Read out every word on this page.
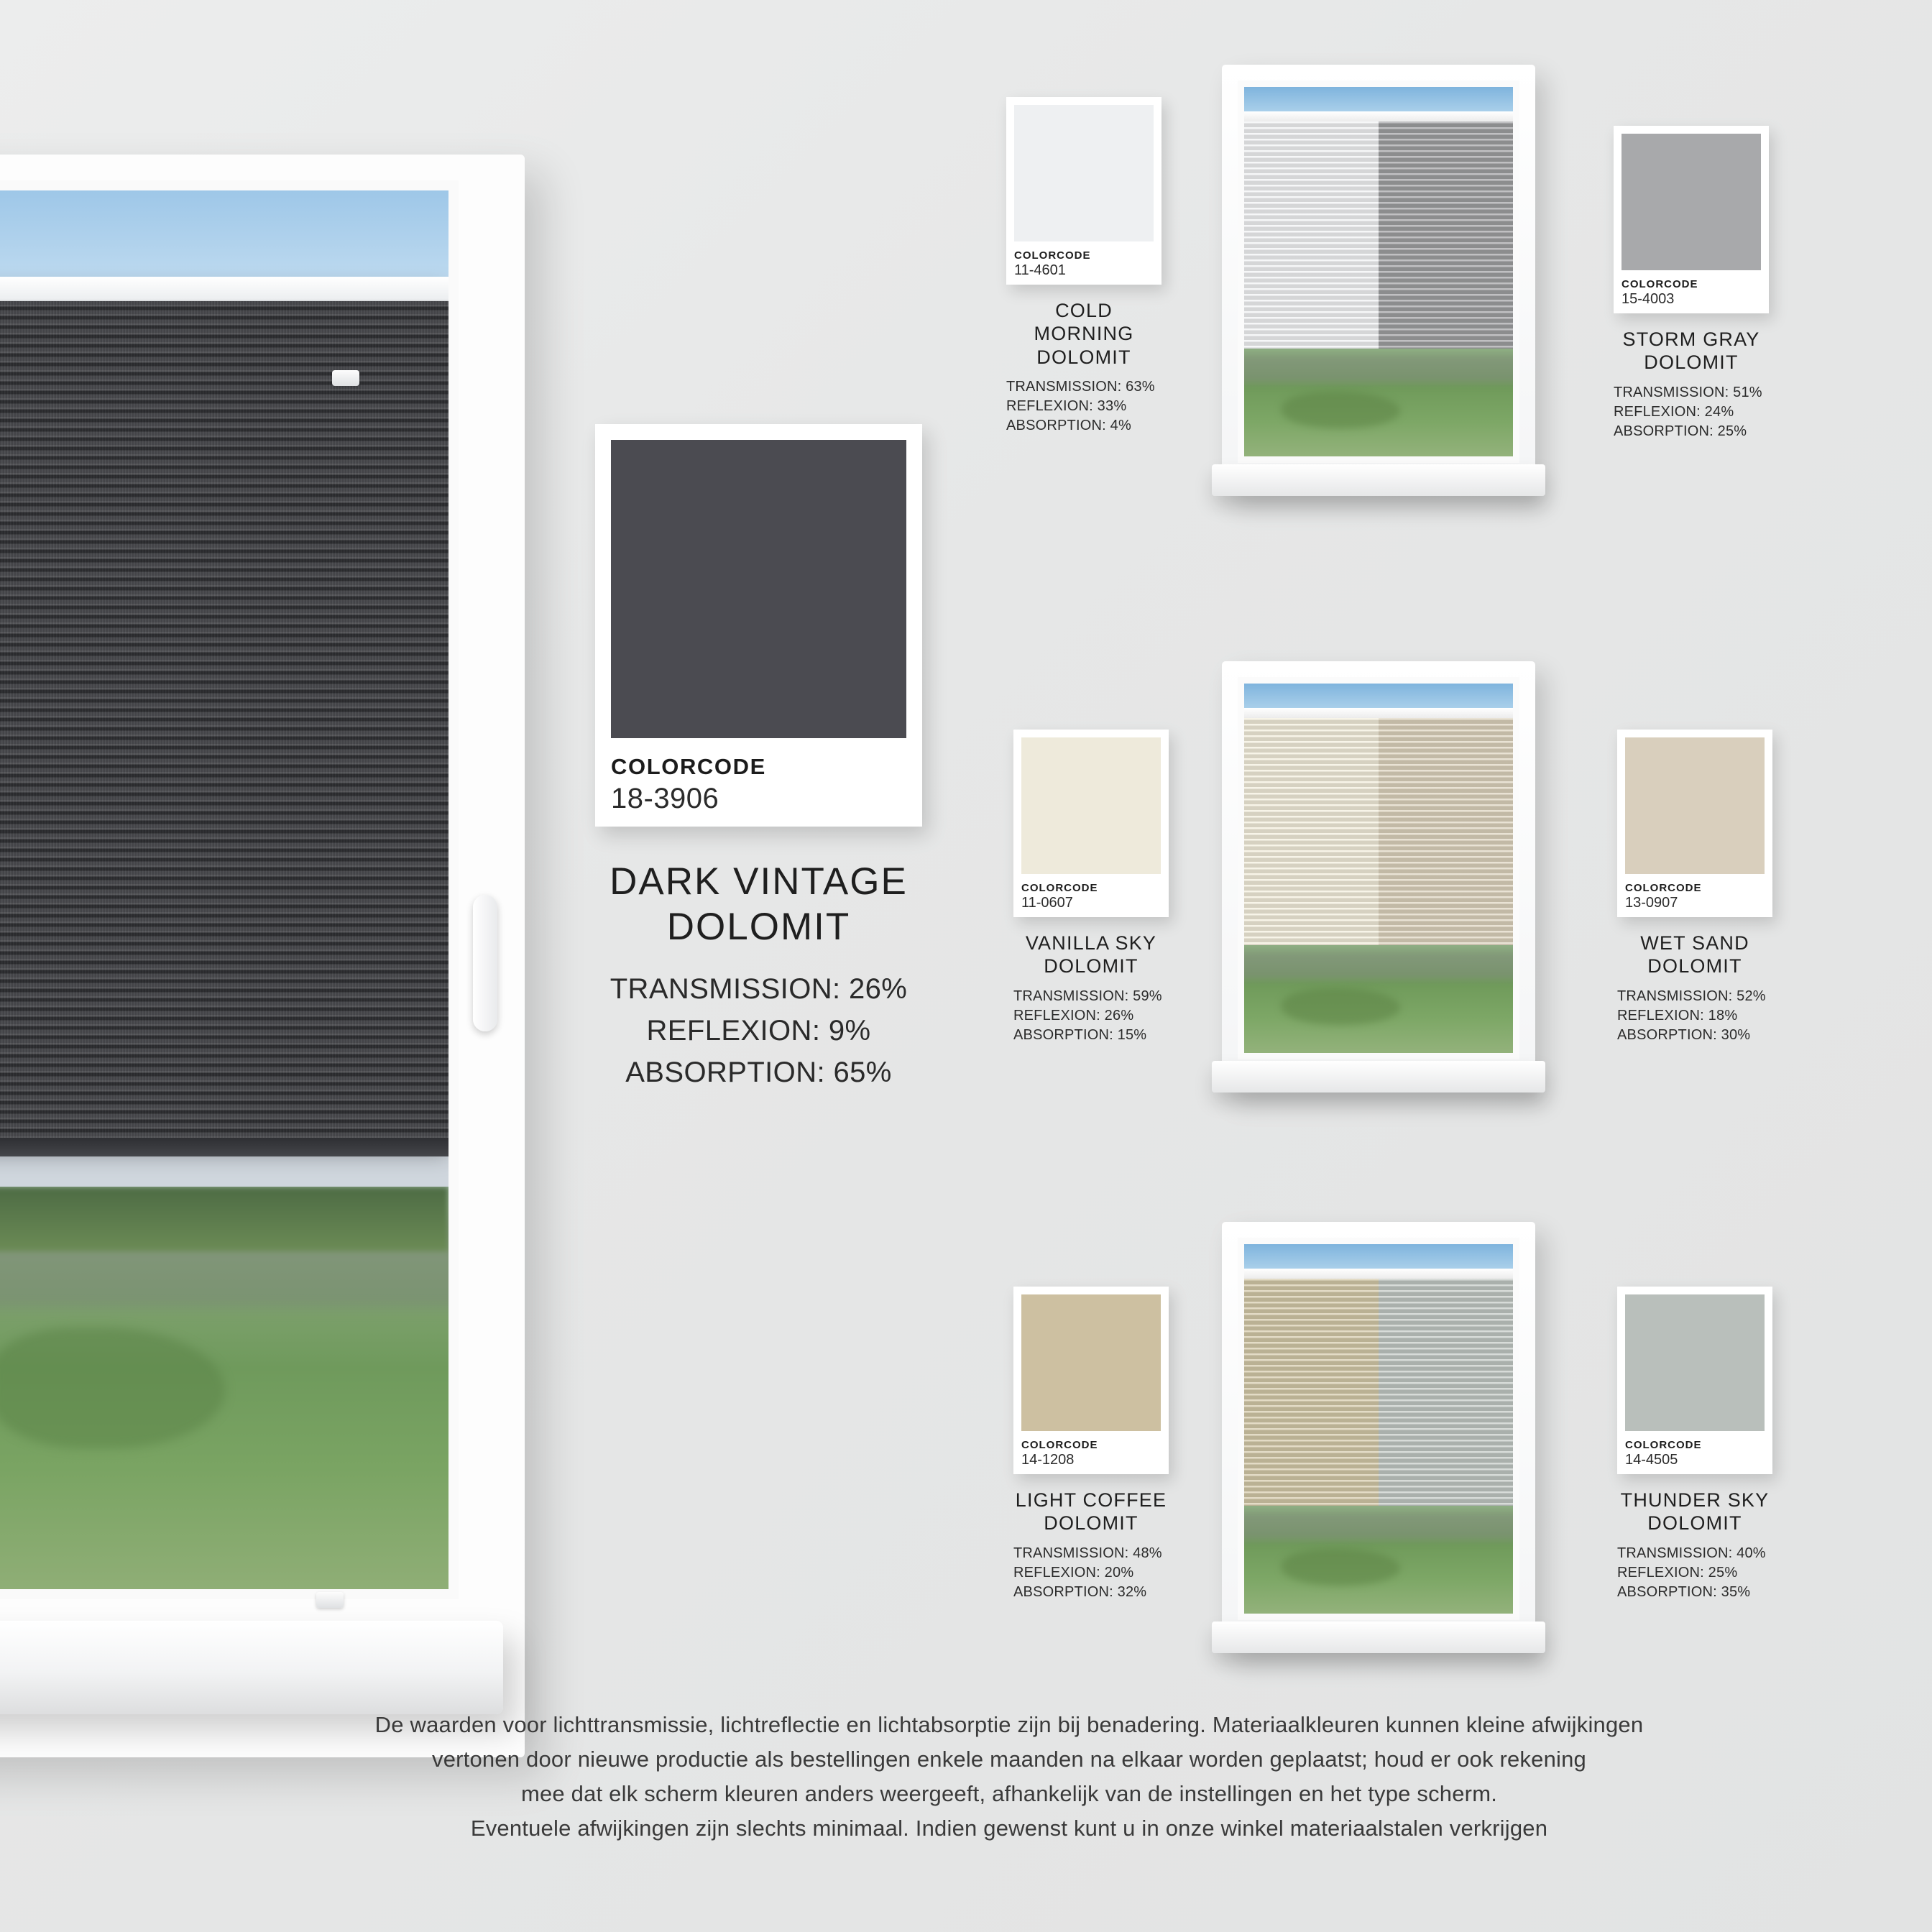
COLORCODE
18-3906
DARK VINTAGE
DOLOMIT
TRANSMISSION: 26%
REFLEXION: 9%
ABSORPTION: 65%
COLORCODE
11-4601
COLD MORNING
DOLOMIT
TRANSMISSION: 63%
REFLEXION: 33%
ABSORPTION: 4%
COLORCODE
15-4003
STORM GRAY
DOLOMIT
TRANSMISSION: 51%
REFLEXION: 24%
ABSORPTION: 25%
COLORCODE
11-0607
VANILLA SKY
DOLOMIT
TRANSMISSION: 59%
REFLEXION: 26%
ABSORPTION: 15%
COLORCODE
13-0907
WET SAND
DOLOMIT
TRANSMISSION: 52%
REFLEXION: 18%
ABSORPTION: 30%
COLORCODE
14-1208
LIGHT COFFEE
DOLOMIT
TRANSMISSION: 48%
REFLEXION: 20%
ABSORPTION: 32%
COLORCODE
14-4505
THUNDER SKY
DOLOMIT
TRANSMISSION: 40%
REFLEXION: 25%
ABSORPTION: 35%
De waarden voor lichttransmissie, lichtreflectie en lichtabsorptie zijn bij benadering. Materiaalkleuren kunnen kleine afwijkingen
vertonen door nieuwe productie als bestellingen enkele maanden na elkaar worden geplaatst; houd er ook rekening
mee dat elk scherm kleuren anders weergeeft, afhankelijk van de instellingen en het type scherm.
Eventuele afwijkingen zijn slechts minimaal. Indien gewenst kunt u in onze winkel materiaalstalen verkrijgen
